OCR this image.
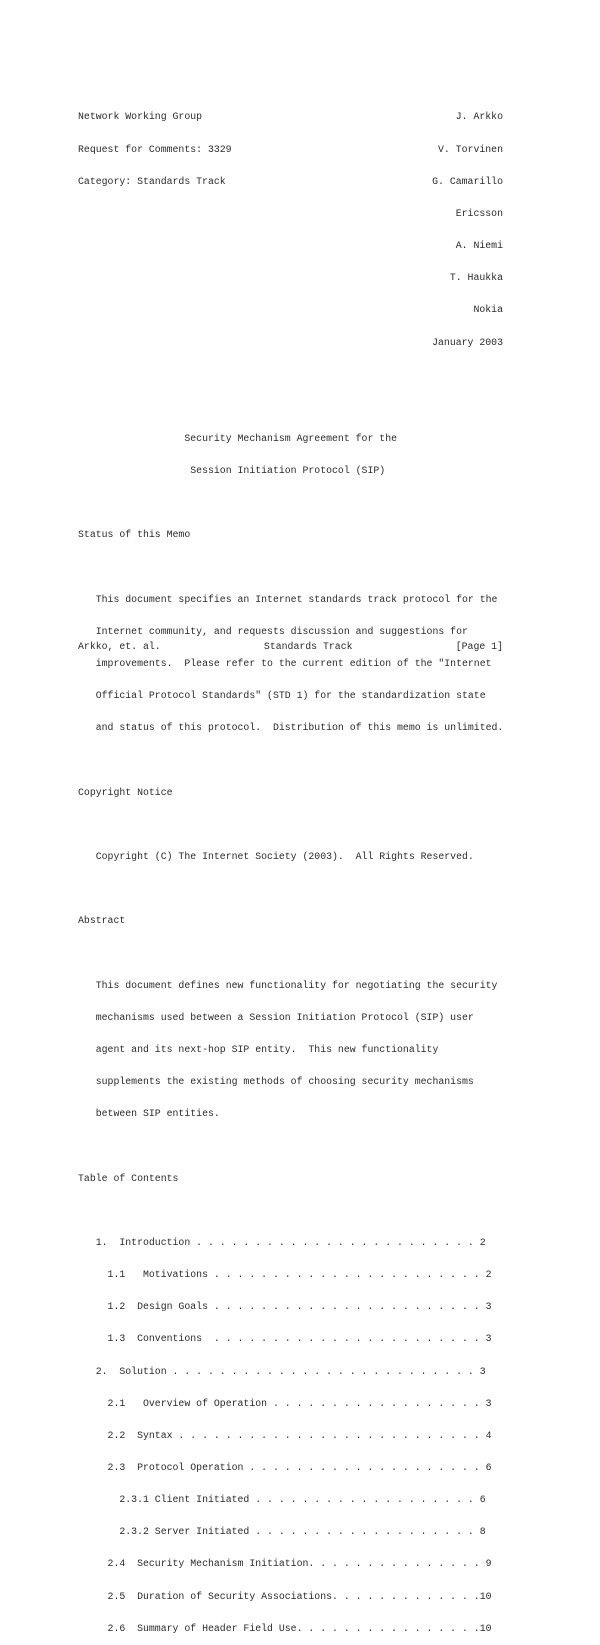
Network Working Group	J. Arkko

Request for Comments: 3329	V. Torvinen

Category: Standards Track	G. Camarillo

Ericsson

A. Niemi

T. Haukka

Nokia

January 2003

Security Mechanism Agreement for the

Session Initiation Protocol (SIP)

Status of this Memo

This document specifies an Internet standards track protocol for the

Internet community, and requests discussion and suggestions for

improvements.  Please refer to the current edition of the "Internet

Official Protocol Standards" (STD 1) for the standardization state

and status of this protocol.  Distribution of this memo is unlimited.

Copyright Notice

Copyright (C) The Internet Society (2003).  All Rights Reserved.

Abstract

This document defines new functionality for negotiating the security

mechanisms used between a Session Initiation Protocol (SIP) user

agent and its next-hop SIP entity.  This new functionality

supplements the existing methods of choosing security mechanisms

between SIP entities.

Table of Contents

1.  Introduction . . . . . . . . . . . . . . . . . . . . . . . . 2

1.1   Motivations . . . . . . . . . . . . . . . . . . . . . . . 2

1.2  Design Goals . . . . . . . . . . . . . . . . . . . . . . . 3

1.3  Conventions  . . . . . . . . . . . . . . . . . . . . . . . 3

2.  Solution . . . . . . . . . . . . . . . . . . . . . . . . . . 3

2.1   Overview of Operation . . . . . . . . . . . . . . . . . . 3

2.2  Syntax . . . . . . . . . . . . . . . . . . . . . . . . . . 4

2.3  Protocol Operation . . . . . . . . . . . . . . . . . . . . 6

2.3.1 Client Initiated . . . . . . . . . . . . . . . . . . . 6

2.3.2 Server Initiated . . . . . . . . . . . . . . . . . . . 8

2.4  Security Mechanism Initiation. . . . . . . . . . . . . . . 9

2.5  Duration of Security Associations. . . . . . . . . . . . .10

2.6  Summary of Header Field Use. . . . . . . . . . . . . . . .10

Arkko, et. al.	Standards Track	[Page 1]
